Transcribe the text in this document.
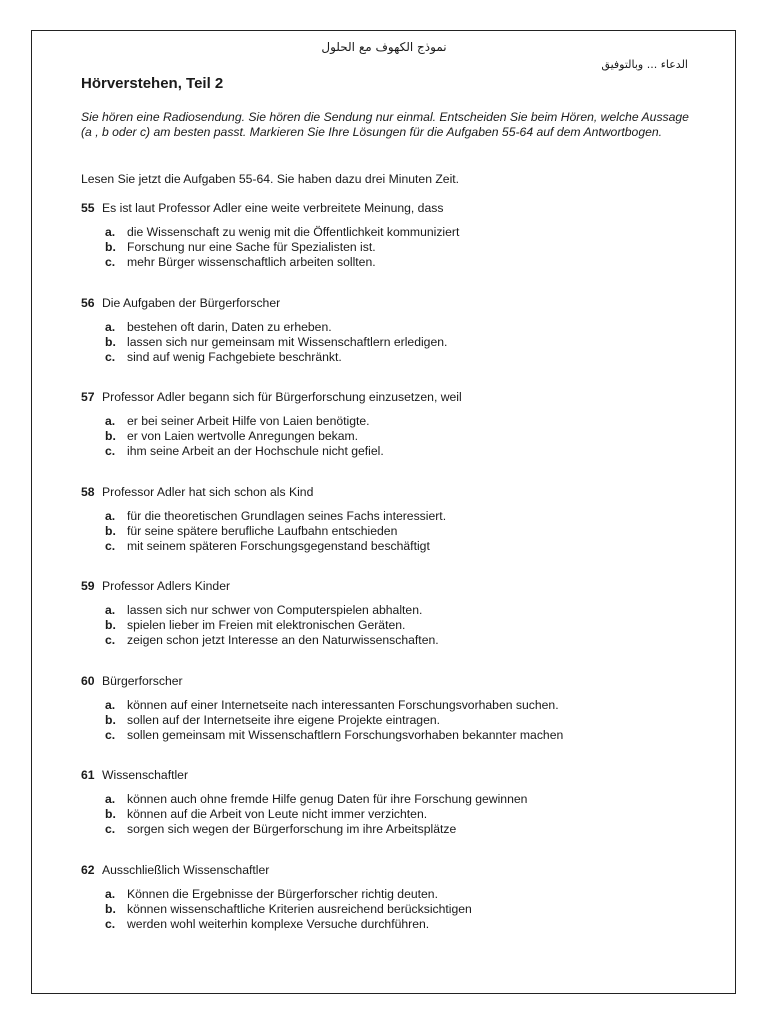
نموذج الكهوف مع الحلول
الدعاء ... وبالتوفيق
Hörverstehen, Teil 2

Sie hören eine Radiosendung. Sie hören die Sendung nur einmal. Entscheiden Sie beim Hören, welche Aussage (a , b oder c) am besten passt. Markieren Sie Ihre Lösungen für die Aufgaben 55-64 auf dem Antwortbogen.

Lesen Sie jetzt die Aufgaben 55-64. Sie haben dazu drei Minuten Zeit.

55 Es ist laut Professor Adler eine weite verbreitete Meinung, dass
a. die Wissenschaft zu wenig mit die Öffentlichkeit kommuniziert
b. Forschung nur eine Sache für Spezialisten ist.
c. mehr Bürger wissenschaftlich arbeiten sollten.
56 Die Aufgaben der Bürgerforscher
a. bestehen oft darin, Daten zu erheben.
b. lassen sich nur gemeinsam mit Wissenschaftlern erledigen.
c. sind auf wenig Fachgebiete beschränkt.
57 Professor Adler begann sich für Bürgerforschung einzusetzen, weil
a. er bei seiner Arbeit Hilfe von Laien benötigte.
b. er von Laien wertvolle Anregungen bekam.
c. ihm seine Arbeit an der Hochschule nicht gefiel.
58 Professor Adler hat sich schon als Kind
a. für die theoretischen Grundlagen seines Fachs interessiert.
b. für seine spätere berufliche Laufbahn entschieden
c. mit seinem späteren Forschungsgegenstand beschäftigt
59 Professor Adlers Kinder
a. lassen sich nur schwer von Computerspielen abhalten.
b. spielen lieber im Freien mit elektronischen Geräten.
c. zeigen schon jetzt Interesse an den Naturwissenschaften.
60 Bürgerforscher
a. können auf einer Internetseite nach interessanten Forschungsvorhaben suchen.
b. sollen auf der Internetseite ihre eigene Projekte eintragen.
c. sollen gemeinsam mit Wissenschaftlern Forschungsvorhaben bekannter machen
61 Wissenschaftler
a. können auch ohne fremde Hilfe genug Daten für ihre Forschung gewinnen
b. können auf die Arbeit von Leute nicht immer verzichten.
c. sorgen sich wegen der Bürgerforschung im ihre Arbeitsplätze
62 Ausschließlich Wissenschaftler
a. Können die Ergebnisse der Bürgerforscher richtig deuten.
b. können wissenschaftliche Kriterien ausreichend berücksichtigen
c. werden wohl weiterhin komplexe Versuche durchführen.
